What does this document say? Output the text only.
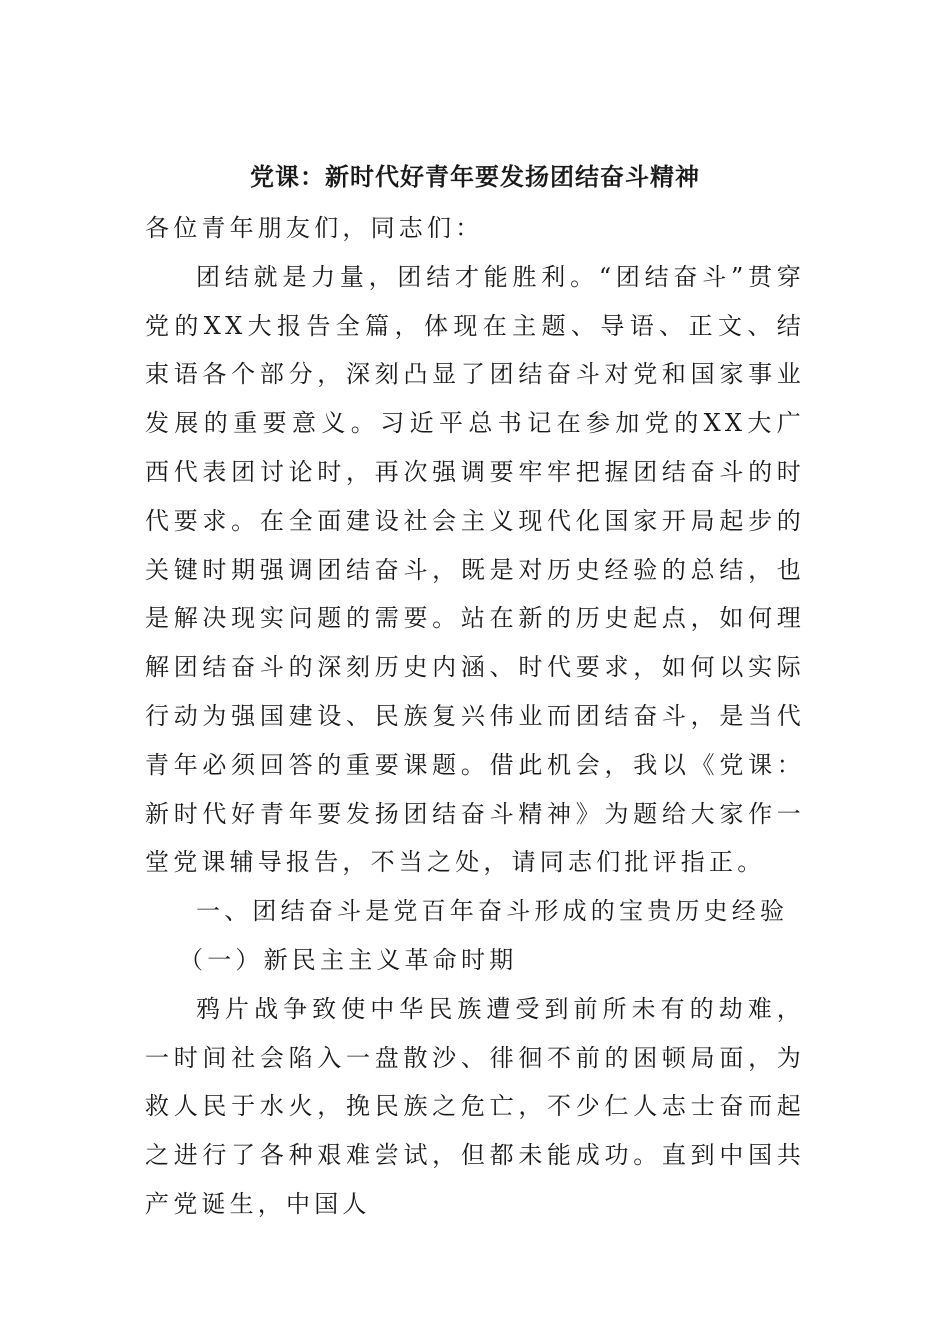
党课：新时代好青年要发扬团结奋斗精神

各位青年朋友们，同志们：

团结就是力量，团结才能胜利。“团结奋斗”贯穿党的XX大报告全篇，体现在主题、导语、正文、结束语各个部分，深刻凸显了团结奋斗对党和国家事业发展的重要意义。习近平总书记在参加党的XX大广西代表团讨论时，再次强调要牢牢把握团结奋斗的时代要求。在全面建设社会主义现代化国家开局起步的关键时期强调团结奋斗，既是对历史经验的总结，也是解决现实问题的需要。站在新的历史起点，如何理解团结奋斗的深刻历史内涵、时代要求，如何以实际行动为强国建设、民族复兴伟业而团结奋斗，是当代青年必须回答的重要课题。借此机会，我以《党课：新时代好青年要发扬团结奋斗精神》为题给大家作一堂党课辅导报告，不当之处，请同志们批评指正。

一、团结奋斗是党百年奋斗形成的宝贵历史经验

（一）新民主主义革命时期

鸦片战争致使中华民族遭受到前所未有的劫难，一时间社会陷入一盘散沙、徘徊不前的困顿局面，为救人民于水火，挽民族之危亡，不少仁人志士奋而起之进行了各种艰难尝试，但都未能成功。直到中国共产党诞生，中国人
